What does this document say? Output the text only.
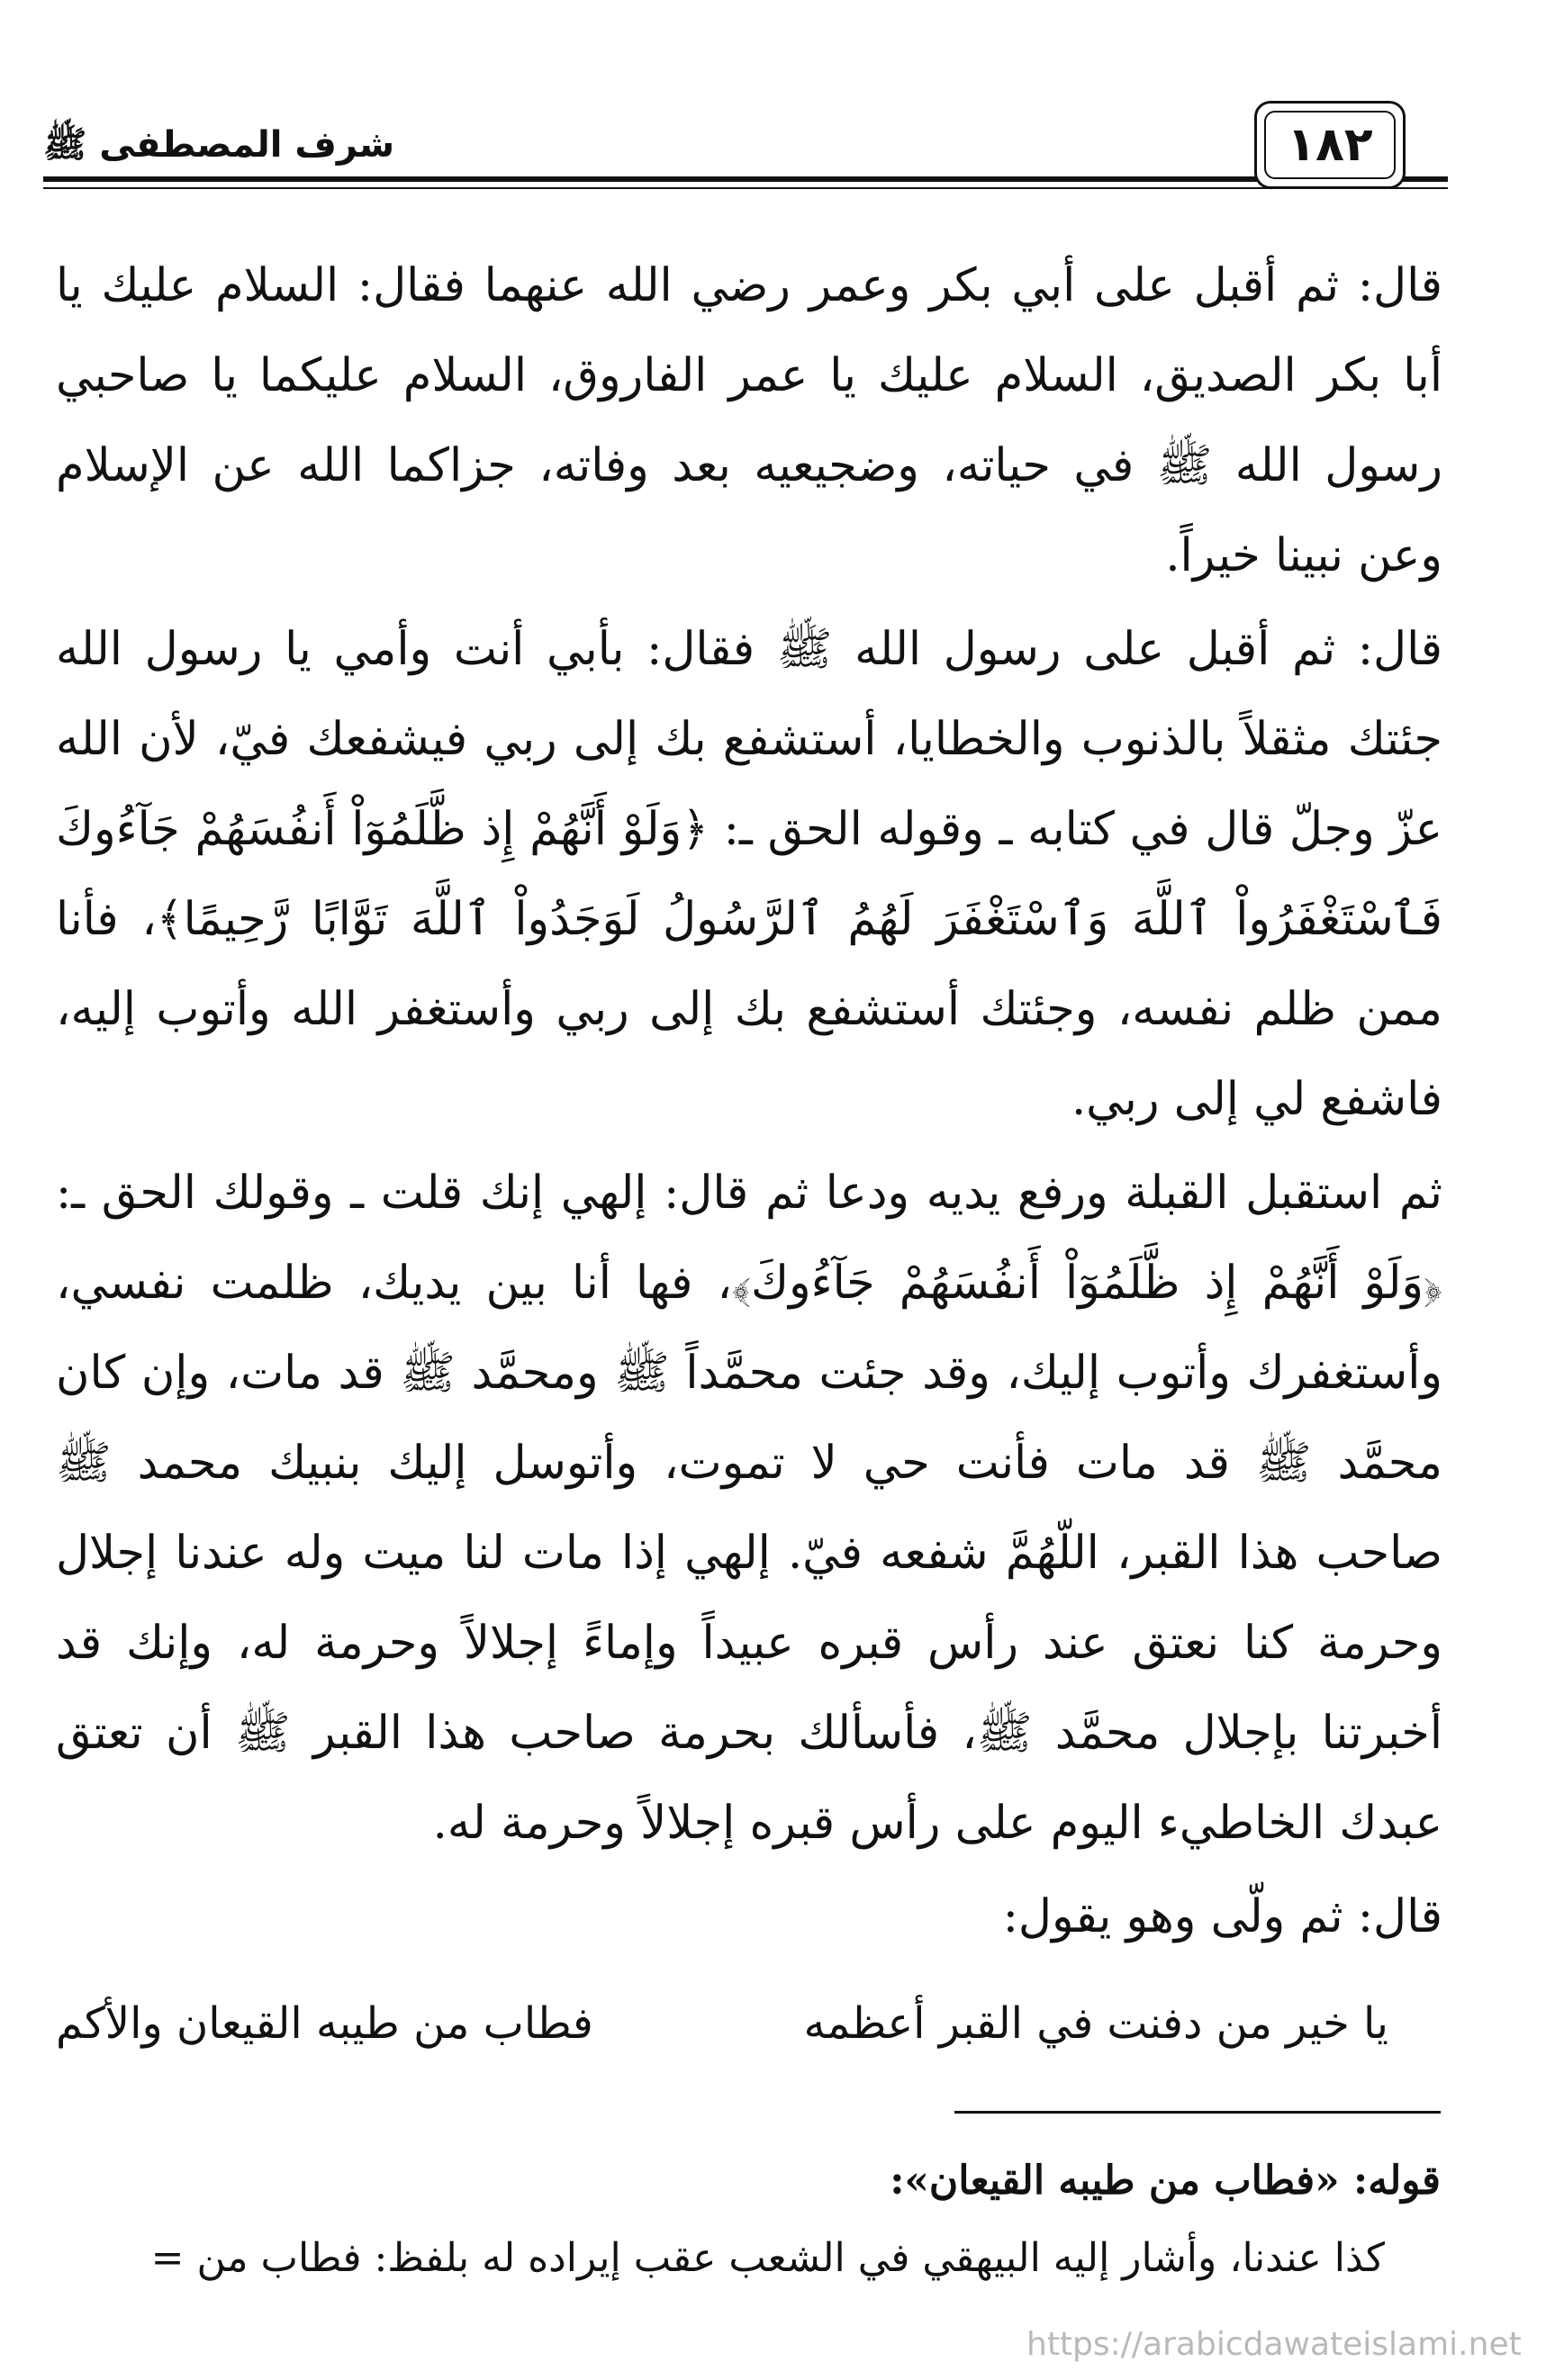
شرف المصطفى ﷺ	١٨٢

قال: ثم أقبل على أبي بكر وعمر رضي الله عنهما فقال: السلام عليك يا أبا بكر الصديق، السلام عليك يا عمر الفاروق، السلام عليكما يا صاحبي رسول الله ﷺ في حياته، وضجيعيه بعد وفاته، جزاكما الله عن الإسلام وعن نبينا خيراً.

قال: ثم أقبل على رسول الله ﷺ فقال: بأبي أنت وأمي يا رسول الله جئتك مثقلاً بالذنوب والخطايا، أستشفع بك إلى ربي فيشفعك فيّ، لأن الله عزّ وجلّ قال في كتابه ـ وقوله الحق ـ: ﴿وَلَوْ أَنَّهُمْ إِذ ظَّلَمُوٓاْ أَنفُسَهُمْ جَآءُوكَ فَٱسْتَغْفَرُواْ ٱللَّهَ وَٱسْتَغْفَرَ لَهُمُ ٱلرَّسُولُ لَوَجَدُواْ ٱللَّهَ تَوَّابًا رَّحِيمًا﴾، فأنا ممن ظلم نفسه، وجئتك أستشفع بك إلى ربي وأستغفر الله وأتوب إليه، فاشفع لي إلى ربي.

ثم استقبل القبلة ورفع يديه ودعا ثم قال: إلهي إنك قلت ـ وقولك الحق ـ: ﴿وَلَوْ أَنَّهُمْ إِذ ظَّلَمُوٓاْ أَنفُسَهُمْ جَآءُوكَ﴾، فها أنا بين يديك، ظلمت نفسي، وأستغفرك وأتوب إليك، وقد جئت محمَّداً ﷺ ومحمَّد ﷺ قد مات، وإن كان محمَّد ﷺ قد مات فأنت حي لا تموت، وأتوسل إليك بنبيك محمد ﷺ صاحب هذا القبر، اللّهُمَّ شفعه فيّ. إلهي إذا مات لنا ميت وله عندنا إجلال وحرمة كنا نعتق عند رأس قبره عبيداً وإماءً إجلالاً وحرمة له، وإنك قد أخبرتنا بإجلال محمَّد ﷺ، فأسألك بحرمة صاحب هذا القبر ﷺ أن تعتق عبدك الخاطيء اليوم على رأس قبره إجلالاً وحرمة له.

قال: ثم ولّى وهو يقول:

يا خير من دفنت في القبر أعظمه
فطاب من طيبه القيعان والأكم
قوله: «فطاب من طيبه القيعان»:
كذا عندنا، وأشار إليه البيهقي في الشعب عقب إيراده له بلفظ: فطاب من =
https://arabicdawateislami.net
